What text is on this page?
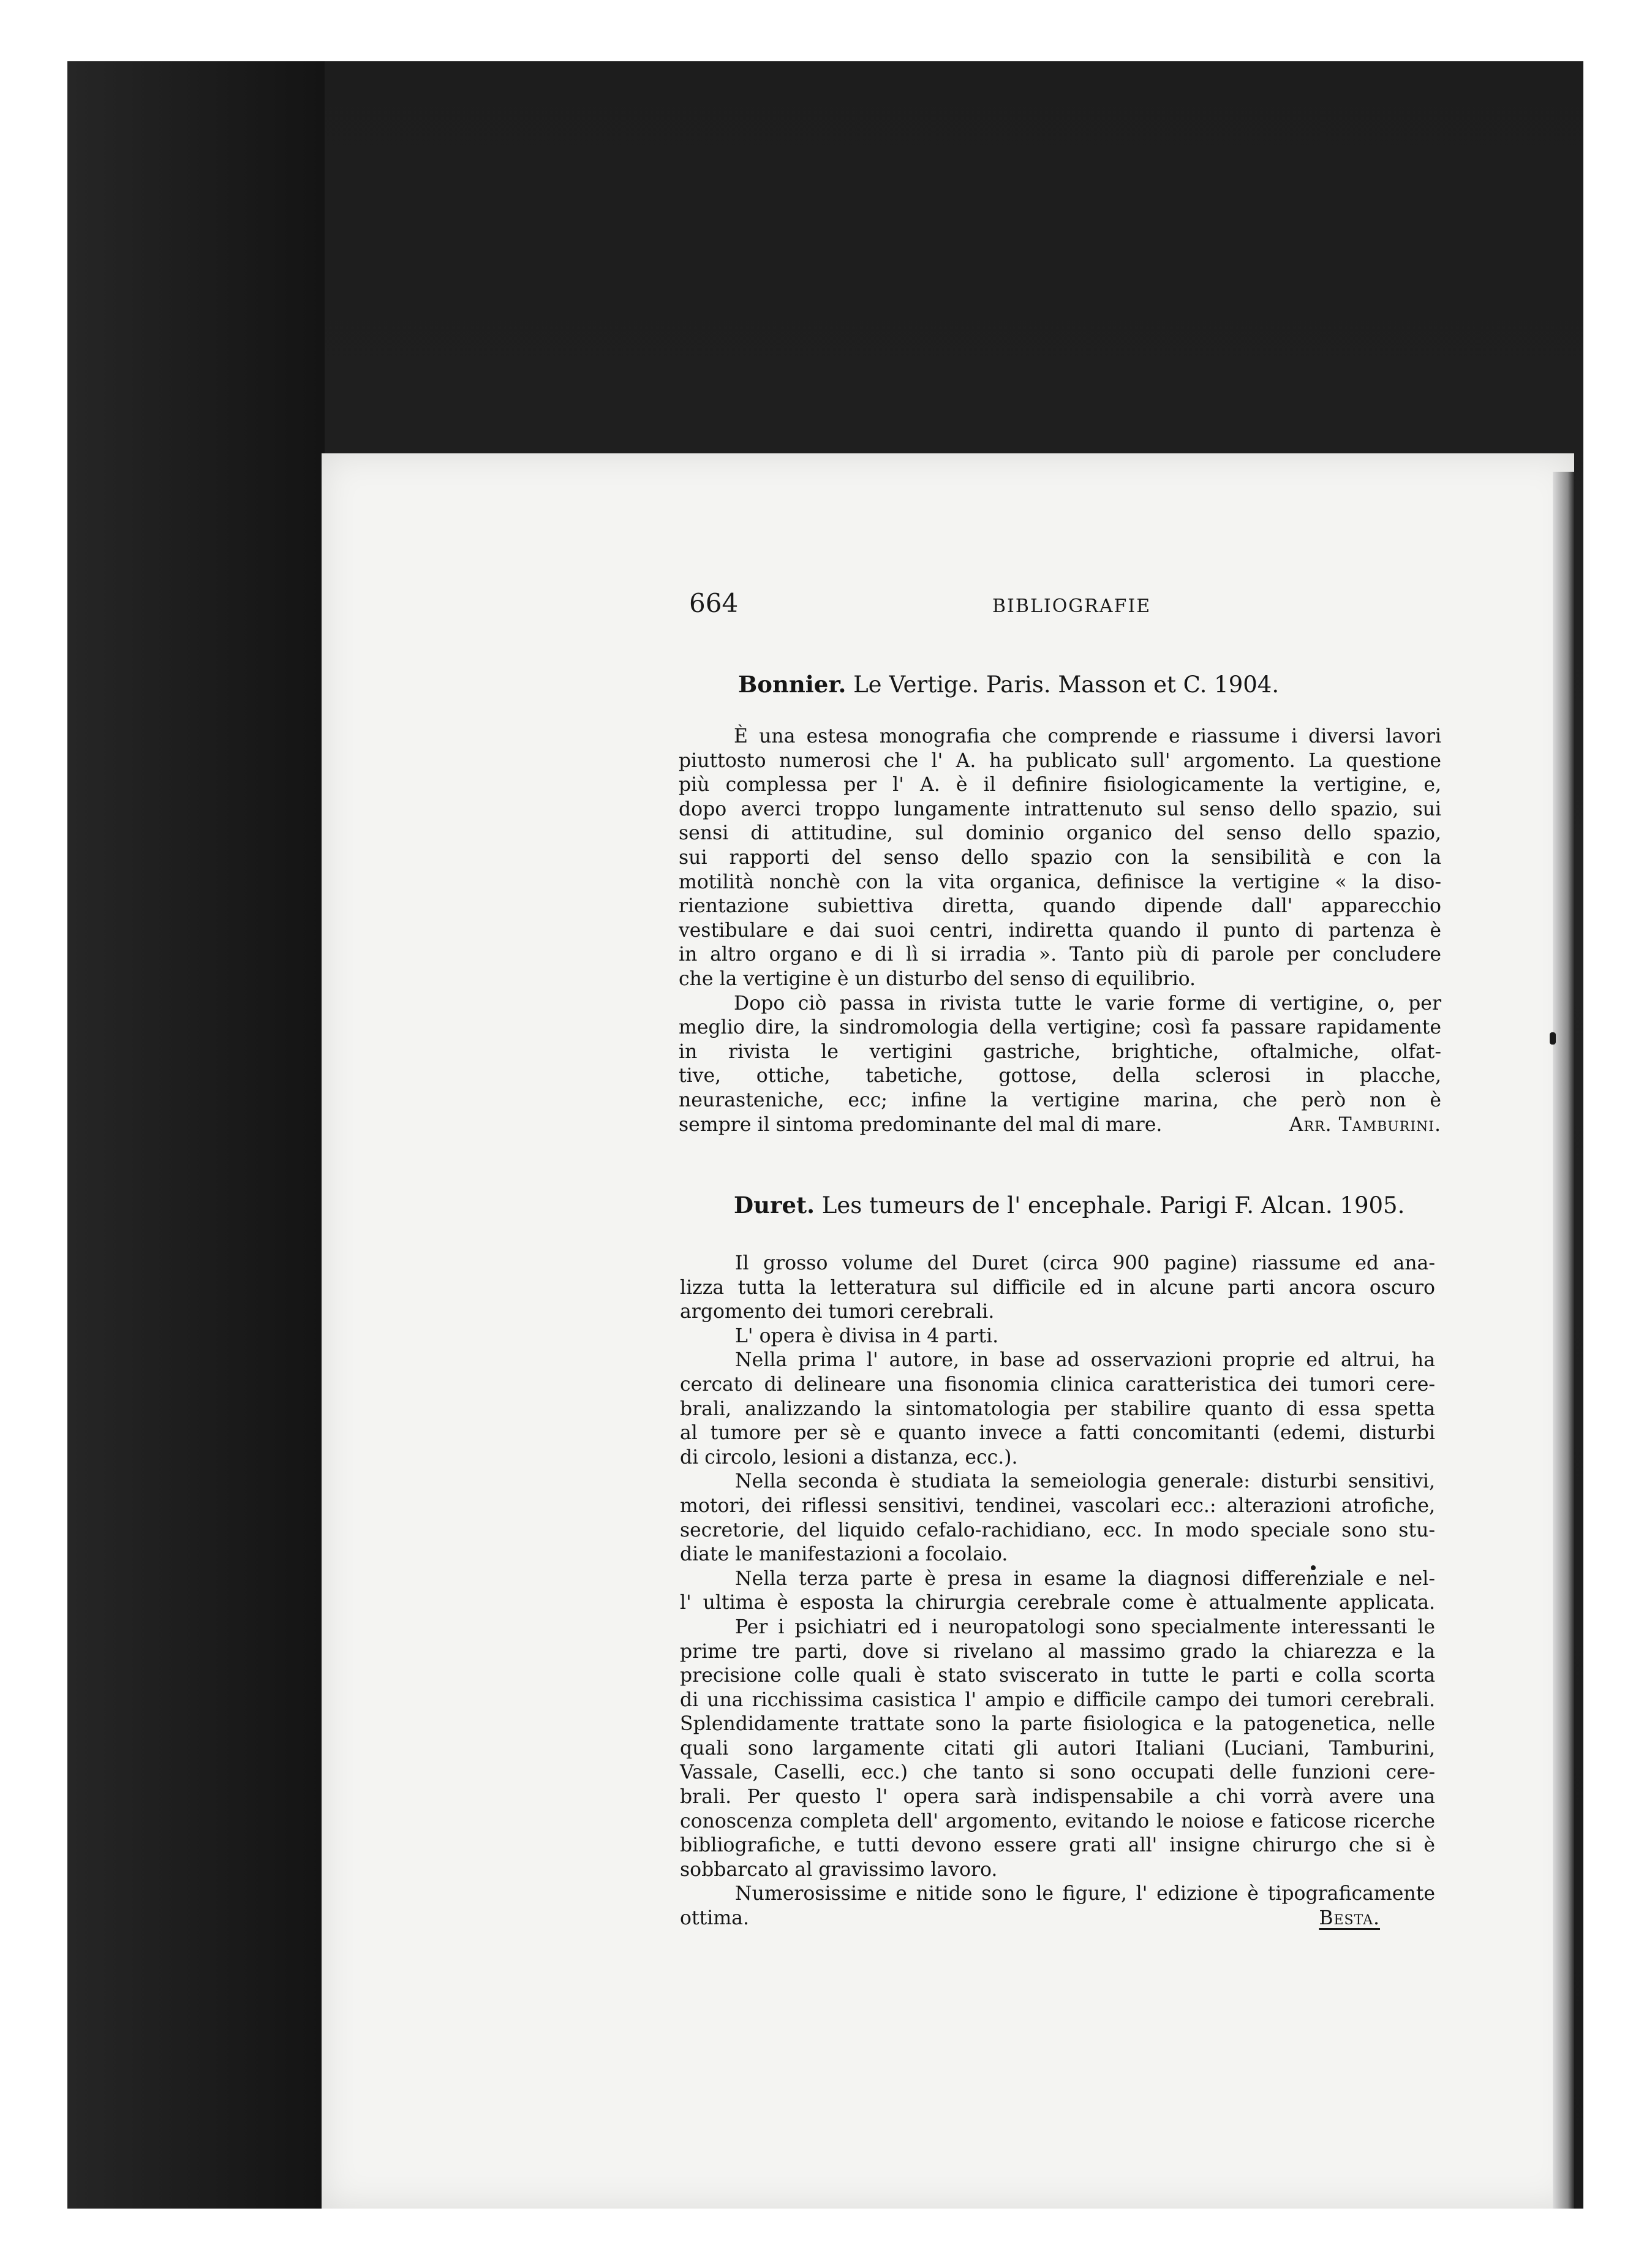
664	BIBLIOGRAFIE
Bonnier. Le Vertige. Paris. Masson et C. 1904.
È una estesa monografia che comprende e riassume i diversi lavori
piuttosto numerosi che l' A. ha publicato sull' argomento. La questione
più complessa per l' A. è il definire fisiologicamente la vertigine, e,
dopo averci troppo lungamente intrattenuto sul senso dello spazio, sui
sensi di attitudine, sul dominio organico del senso dello spazio,
sui rapporti del senso dello spazio con la sensibilità e con la
motilità nonchè con la vita organica, definisce la vertigine « la diso-
rientazione subiettiva diretta, quando dipende dall' apparecchio
vestibulare e dai suoi centri, indiretta quando il punto di partenza è
in altro organo e di lì si irradia ». Tanto più di parole per concludere
che la vertigine è un disturbo del senso di equilibrio.
Dopo ciò passa in rivista tutte le varie forme di vertigine, o, per
meglio dire, la sindromologia della vertigine; così fa passare rapidamente
in rivista le vertigini gastriche, brightiche, oftalmiche, olfat-
tive, ottiche, tabetiche, gottose, della sclerosi in placche,
neurasteniche, ecc; infine la vertigine marina, che però non è
sempre il sintoma predominante del mal di mare.	Arr. Tamburini.
Duret. Les tumeurs de l' encephale. Parigi F. Alcan. 1905.
Il grosso volume del Duret (circa 900 pagine) riassume ed ana-
lizza tutta la letteratura sul difficile ed in alcune parti ancora oscuro
argomento dei tumori cerebrali.
L' opera è divisa in 4 parti.
Nella prima l' autore, in base ad osservazioni proprie ed altrui, ha
cercato di delineare una fisonomia clinica caratteristica dei tumori cere-
brali, analizzando la sintomatologia per stabilire quanto di essa spetta
al tumore per sè e quanto invece a fatti concomitanti (edemi, disturbi
di circolo, lesioni a distanza, ecc.).
Nella seconda è studiata la semeiologia generale: disturbi sensitivi,
motori, dei riflessi sensitivi, tendinei, vascolari ecc.: alterazioni atrofiche,
secretorie, del liquido cefalo-rachidiano, ecc. In modo speciale sono stu-
diate le manifestazioni a focolaio.
Nella terza parte è presa in esame la diagnosi differenziale e nel-
l' ultima è esposta la chirurgia cerebrale come è attualmente applicata.
Per i psichiatri ed i neuropatologi sono specialmente interessanti le
prime tre parti, dove si rivelano al massimo grado la chiarezza e la
precisione colle quali è stato sviscerato in tutte le parti e colla scorta
di una ricchissima casistica l' ampio e difficile campo dei tumori cerebrali.
Splendidamente trattate sono la parte fisiologica e la patogenetica, nelle
quali sono largamente citati gli autori Italiani (Luciani, Tamburini,
Vassale, Caselli, ecc.) che tanto si sono occupati delle funzioni cere-
brali. Per questo l' opera sarà indispensabile a chi vorrà avere una
conoscenza completa dell' argomento, evitando le noiose e faticose ricerche
bibliografiche, e tutti devono essere grati all' insigne chirurgo che si è
sobbarcato al gravissimo lavoro.
Numerosissime e nitide sono le figure, l' edizione è tipograficamente
ottima.	Besta.
